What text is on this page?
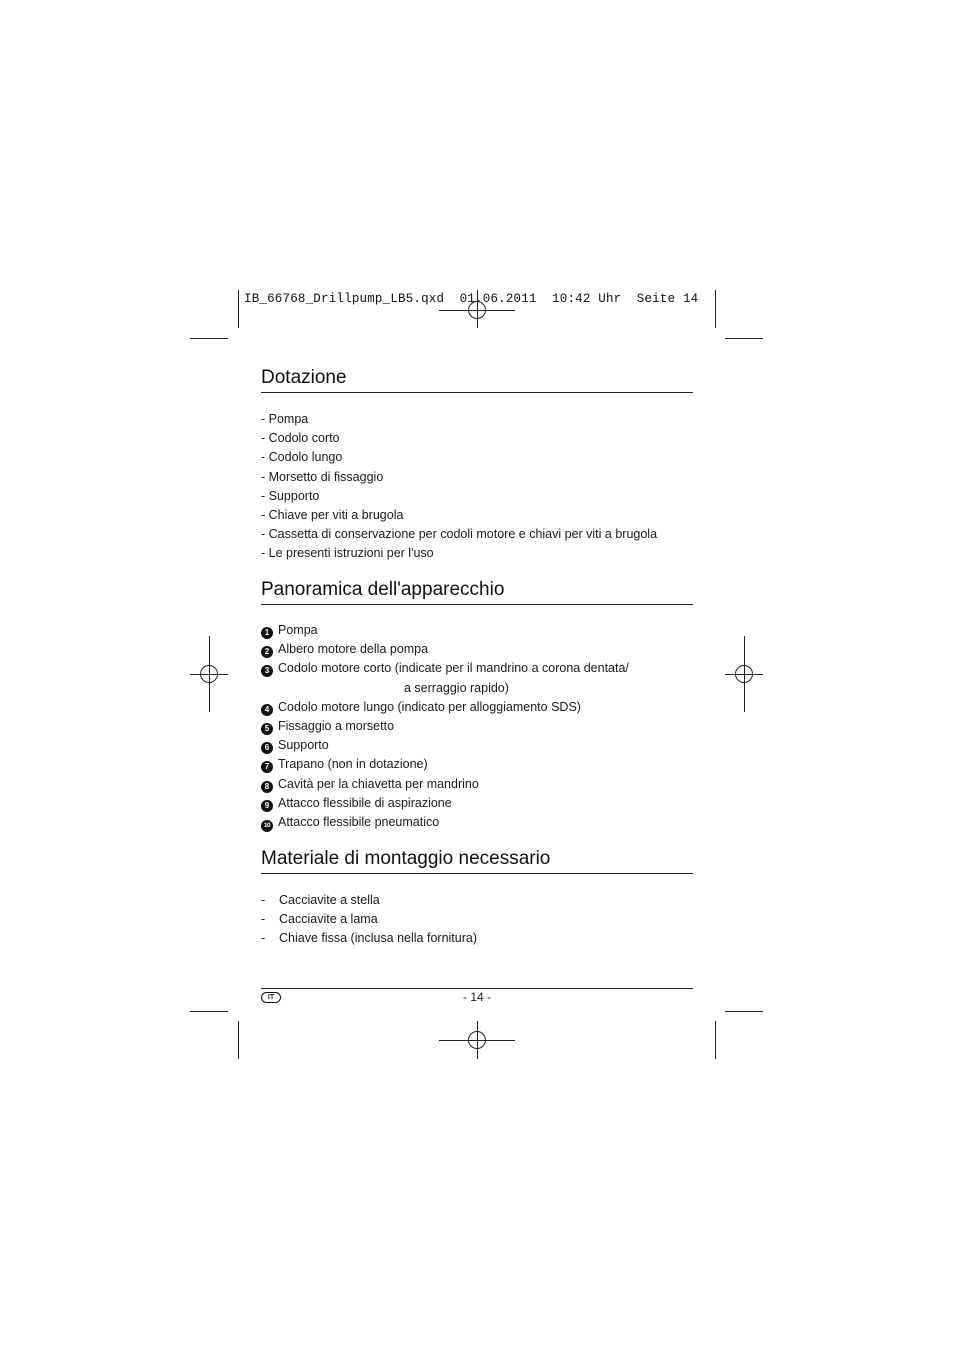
IB_66768_Drillpump_LB5.qxd  01.06.2011  10:42 Uhr  Seite 14
Dotazione
- Pompa
- Codolo corto
- Codolo lungo
- Morsetto di fissaggio
- Supporto
- Chiave per viti a brugola
- Cassetta di conservazione per codoli motore e chiavi per viti a brugola
- Le presenti istruzioni per l'uso
Panoramica dell'apparecchio
1 Pompa
2 Albero motore della pompa
3 Codolo motore corto (indicate per il mandrino a corona dentata/
a serraggio rapido)
4 Codolo motore lungo (indicato per alloggiamento SDS)
5 Fissaggio a morsetto
6 Supporto
7 Trapano (non in dotazione)
8 Cavità per la chiavetta per mandrino
9 Attacco flessibile di aspirazione
10 Attacco flessibile pneumatico
Materiale di montaggio necessario
- Cacciavite a stella
- Cacciavite a lama
- Chiave fissa (inclusa nella fornitura)
IT	- 14 -
